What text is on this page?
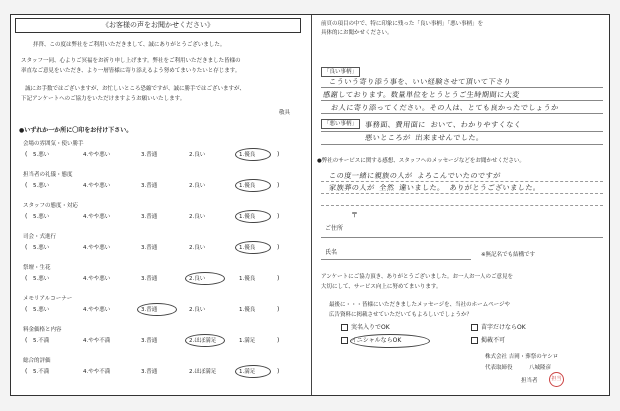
《お客様の声をお聞かせください》
拝啓、この度は弊社をご利用いただきまして、誠にありがとうございました。
スタッフ一同、心よりご冥福をお祈り申し上げます。弊社をご利用いただきました皆様の
率直なご意見をいただき、より一層皆様に寄り添えるよう努めてまいりたいと存じます。
誠にお手数ではございますが、お忙しいところ恐縮ですが、誠に勝手ではございますが、
下記アンケートへのご協力をいただけますようお願いいたします。
敬具
●いずれか一か所に〇印をお付け下さい。
会場の雰囲気・使い勝手
( 5.悪い	4.やや悪い	3.普通	2.良い	1.優良	)
担当者の礼儀・態度
( 5.悪い	4.やや悪い	3.普通	2.良い	1.優良	)
スタッフの態度・対応
( 5.悪い	4.やや悪い	3.普通	2.良い	1.優良	)
司会・式進行
( 5.悪い	4.やや悪い	3.普通	2.良い	1.優良	)
祭壇・生花
( 5.悪い	4.やや悪い	3.普通	2.良い	1.優良	)
メモリアルコーナー
( 5.悪い	4.やや悪い	3.普通	2.良い	1.優良	)
料金価格と内容
( 5.不満	4.やや不満	3.普通	2.ほぼ満足	1.満足	)
総合的評価
( 5.不満	4.やや不満	3.普通	2.ほぼ満足	1.満足	)
前頁の項目の中で、特に印象に残った「良い事柄」「悪い事柄」を
具体的にお聞かせください。
「良い事柄」
こういう寄り添う事を、いい経験させて頂いて下さり
感謝しております。数量単位をとうとうご生時期間に大変
お人に寄り添ってください。その人は、とても良かったでしょうか
「悪い事柄」	事務面、費用面に おいて、わかりやすくなく
悪いところが 出来ませんでした。
●弊社のサービスに関する感想、スタッフへのメッセージなどをお聞かせください。
この度一緒に親族の人が よろこんでいたのですが
家族葬の人が 全然 違いました。 ありがとうございました。
〒
ご住所
氏名	※無記名でも結構です
アンケートにご協力頂き、ありがとうございました。お一人お一人のご意見を
大切にして、サービス向上に努めてまいります。
最後に・・・皆様にいただきましたメッセージを、当社のホームページや
広告資料に掲載させていただいてもよろしいでしょうか？
実名入りでOK
イニシャルならOK
苗字だけならOK
掲載不可
株式会社 吉岡・葬祭のヤシロ
代表取締役	八城隆彦
担当者	担当
